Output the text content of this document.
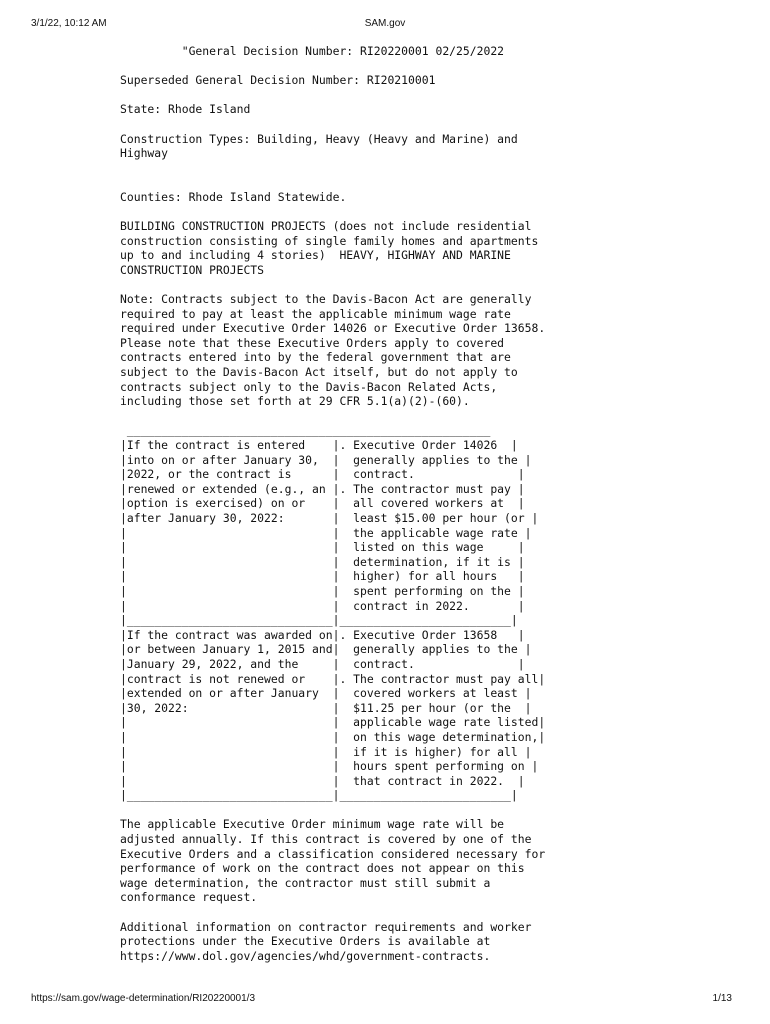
3/1/22, 10:12 AM	SAM.gov
"General Decision Number: RI20220001 02/25/2022

Superseded General Decision Number: RI20210001

State: Rhode Island

Construction Types: Building, Heavy (Heavy and Marine) and
Highway

Counties: Rhode Island Statewide.

BUILDING CONSTRUCTION PROJECTS (does not include residential
construction consisting of single family homes and apartments
up to and including 4 stories)  HEAVY, HIGHWAY AND MARINE
CONSTRUCTION PROJECTS

Note: Contracts subject to the Davis-Bacon Act are generally
required to pay at least the applicable minimum wage rate
required under Executive Order 14026 or Executive Order 13658.
Please note that these Executive Orders apply to covered
contracts entered into by the federal government that are
subject to the Davis-Bacon Act itself, but do not apply to
contracts subject only to the Davis-Bacon Related Acts,
including those set forth at 29 CFR 5.1(a)(2)-(60).

_____________________________________________________
|If the contract is entered    |. Executive Order 14026  |
|into on or after January 30,  |  generally applies to the |
|2022, or the contract is      |  contract.               |
|renewed or extended (e.g., an |. The contractor must pay |
|option is exercised) on or    |  all covered workers at  |
|after January 30, 2022:       |  least $15.00 per hour (or |
|                              |  the applicable wage rate |
|                              |  listed on this wage     |
|                              |  determination, if it is |
|                              |  higher) for all hours   |
|                              |  spent performing on the |
|                              |  contract in 2022.       |
|______________________________|_________________________|
|If the contract was awarded on|. Executive Order 13658   |
|or between January 1, 2015 and|  generally applies to the |
|January 29, 2022, and the     |  contract.               |
|contract is not renewed or    |. The contractor must pay all|
|extended on or after January  |  covered workers at least |
|30, 2022:                     |  $11.25 per hour (or the  |
|                              |  applicable wage rate listed|
|                              |  on this wage determination,|
|                              |  if it is higher) for all |
|                              |  hours spent performing on |
|                              |  that contract in 2022.  |
|______________________________|_________________________|

The applicable Executive Order minimum wage rate will be
adjusted annually. If this contract is covered by one of the
Executive Orders and a classification considered necessary for
performance of work on the contract does not appear on this
wage determination, the contractor must still submit a
conformance request.

Additional information on contractor requirements and worker
protections under the Executive Orders is available at
https://www.dol.gov/agencies/whd/government-contracts.

https://sam.gov/wage-determination/RI20220001/3	1/13
